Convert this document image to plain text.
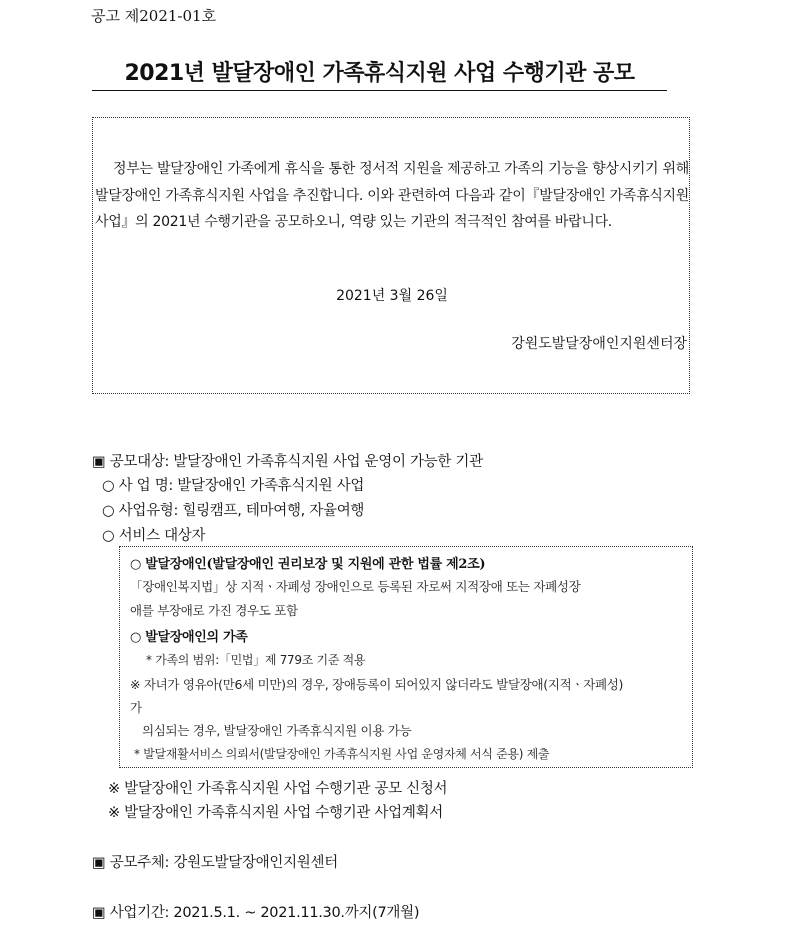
공고 제2021-01호
2021년 발달장애인 가족휴식지원 사업 수행기관 공모
정부는 발달장애인 가족에게 휴식을 통한 정서적 지원을 제공하고 가족의 기능을 향상시키기 위해 발달장애인 가족휴식지원 사업을 추진합니다. 이와 관련하여 다음과 같이『발달장애인 가족휴식지원 사업』의 2021년 수행기관을 공모하오니, 역량 있는 기관의 적극적인 참여를 바랍니다.
2021년 3월 26일
강원도발달장애인지원센터장
▣ 공모대상: 발달장애인 가족휴식지원 사업 운영이 가능한 기관
○ 사 업 명: 발달장애인 가족휴식지원 사업
○ 사업유형: 힐링캠프, 테마여행, 자율여행
○ 서비스 대상자
○ 발달장애인(발달장애인 권리보장 및 지원에 관한 법률 제2조)
「장애인복지법」상 지적ㆍ자폐성 장애인으로 등록된 자로써 지적장애 또는 자폐성장
애를 부장애로 가진 경우도 포함
○ 발달장애인의 가족
* 가족의 범위:「민법」제 779조 기준 적용
※ 자녀가 영유아(만6세 미만)의 경우, 장애등록이 되어있지 않더라도 발달장애(지적ㆍ자폐성)
가
의심되는 경우, 발달장애인 가족휴식지원 이용 가능
* 발달재활서비스 의뢰서(발달장애인 가족휴식지원 사업 운영자체 서식 준용) 제출
※ 발달장애인 가족휴식지원 사업 수행기관 공모 신청서
※ 발달장애인 가족휴식지원 사업 수행기관 사업계획서
▣ 공모주체: 강원도발달장애인지원센터
▣ 사업기간: 2021.5.1. ~ 2021.11.30.까지(7개월)
